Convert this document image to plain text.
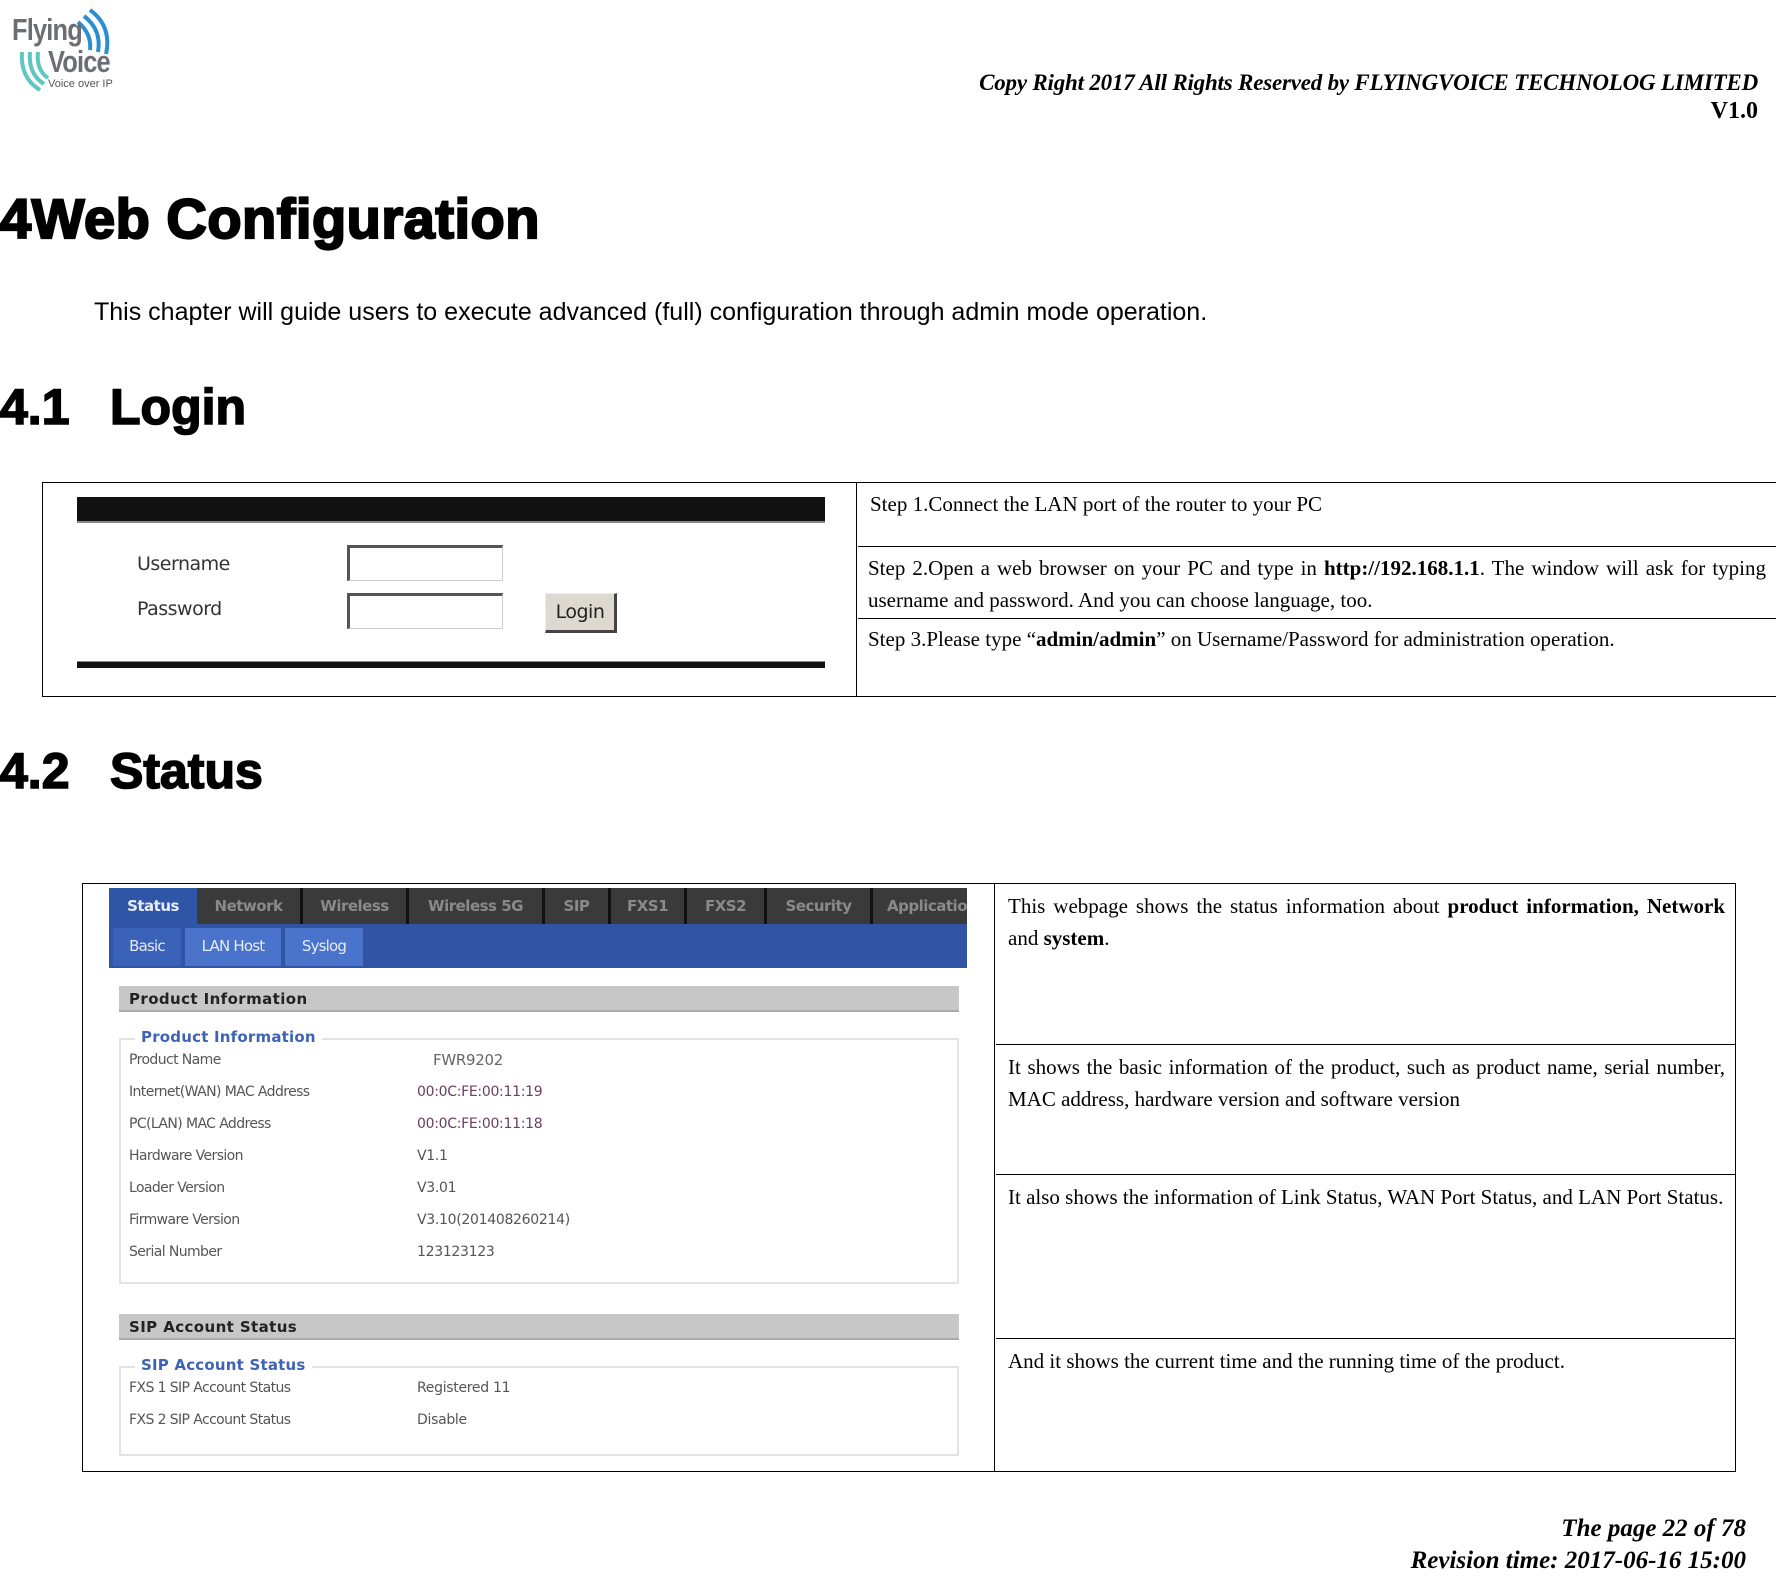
Flying
Voice
Voice over IP	Copy Right 2017 All Rights Reserved by FLYINGVOICE TECHNOLOG LIMITED
V1.0
4Web Configuration
This chapter will guide users to execute advanced (full) configuration through admin mode operation.
4.1 Login
Username
Password	Login
Step 1.Connect the LAN port of the router to your PC
Step 2.Open a web browser on your PC and type in http://192.168.1.1. The window will ask for typing username and password. And you can choose language, too.
Step 3.Please type “admin/admin” on Username/Password for administration operation.
4.2 Status
Status	Network	Wireless	Wireless 5G	SIP	FXS1	FXS2	Security	Applicatio
Basic	LAN Host	Syslog
Product Information
Product Information
Product Name	FWR9202
Internet(WAN) MAC Address	00:0C:FE:00:11:19
PC(LAN) MAC Address	00:0C:FE:00:11:18
Hardware Version	V1.1
Loader Version	V3.01
Firmware Version	V3.10(201408260214)
Serial Number	123123123
SIP Account Status
SIP Account Status
FXS 1 SIP Account Status	Registered 11
FXS 2 SIP Account Status	Disable
This webpage shows the status information about product information, Network and system.
It shows the basic information of the product, such as product name, serial number, MAC address, hardware version and software version
It also shows the information of Link Status, WAN Port Status, and LAN Port Status.
And it shows the current time and the running time of the product.
The page 22 of 78
Revision time: 2017-06-16 15:00
